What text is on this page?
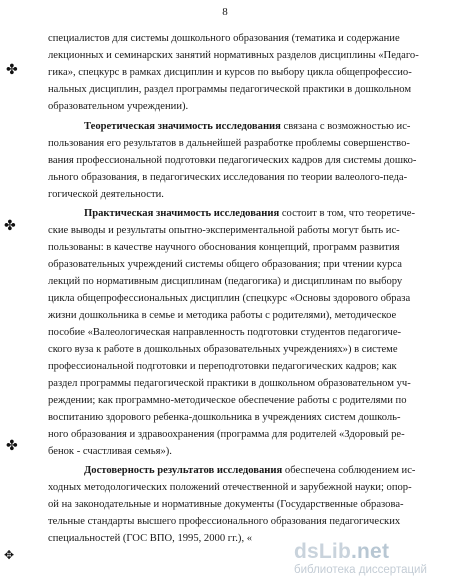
8
специалистов для системы дошкольного образования (тематика и содержание
лекционных и семинарских занятий нормативных разделов дисциплины «Педаго-
гика», спецкурс в рамках дисциплин и курсов по выбору цикла общепрофессио-
нальных дисциплин, раздел программы педагогической практики в дошкольном
образовательном учреждении).
Теоретическая значимость исследования связана с возможностью ис-
пользования его результатов в дальнейшей разработке проблемы совершенство-
вания профессиональной подготовки педагогических кадров для системы дошко-
льного образования, в педагогических исследования по теории валеолого-педа-
гогической деятельности.
Практическая значимость исследования состоит в том, что теоретиче-
ские выводы и результаты опытно-экспериментальной работы могут быть ис-
пользованы: в качестве научного обоснования концепций, программ развития
образовательных учреждений системы общего образования; при чтении курса
лекций по нормативным дисциплинам (педагогика) и дисциплинам по выбору
цикла общепрофессиональных дисциплин (спецкурс «Основы здорового образа
жизни дошкольника в семье и методика работы с родителями), методическое
пособие «Валеологическая направленность подготовки студентов педагогиче-
ского вуза к работе в дошкольных образовательных учреждениях») в системе
профессиональной подготовки и переподготовки педагогических кадров; как
раздел программы педагогической практики в дошкольном образовательном уч-
реждении; как программно-методическое обеспечение работы с родителями по
воспитанию здорового ребенка-дошкольника в учреждениях систем дошколь-
ного образования и здравоохранения (программа для родителей «Здоровый ре-
бенок - счастливая семья»).
Достоверность результатов исследования обеспечена соблюдением ис-
ходных методологических положений отечественной и зарубежной науки; опор-
ой на законодательные и нормативные документы (Государственные образова-
тельные стандарты высшего профессионального образования педагогических
специальностей (ГОС ВПО, 1995, 2000 гг.), «
✤
✤
✤
✥	dsLib.net
библиотека диссертаций
